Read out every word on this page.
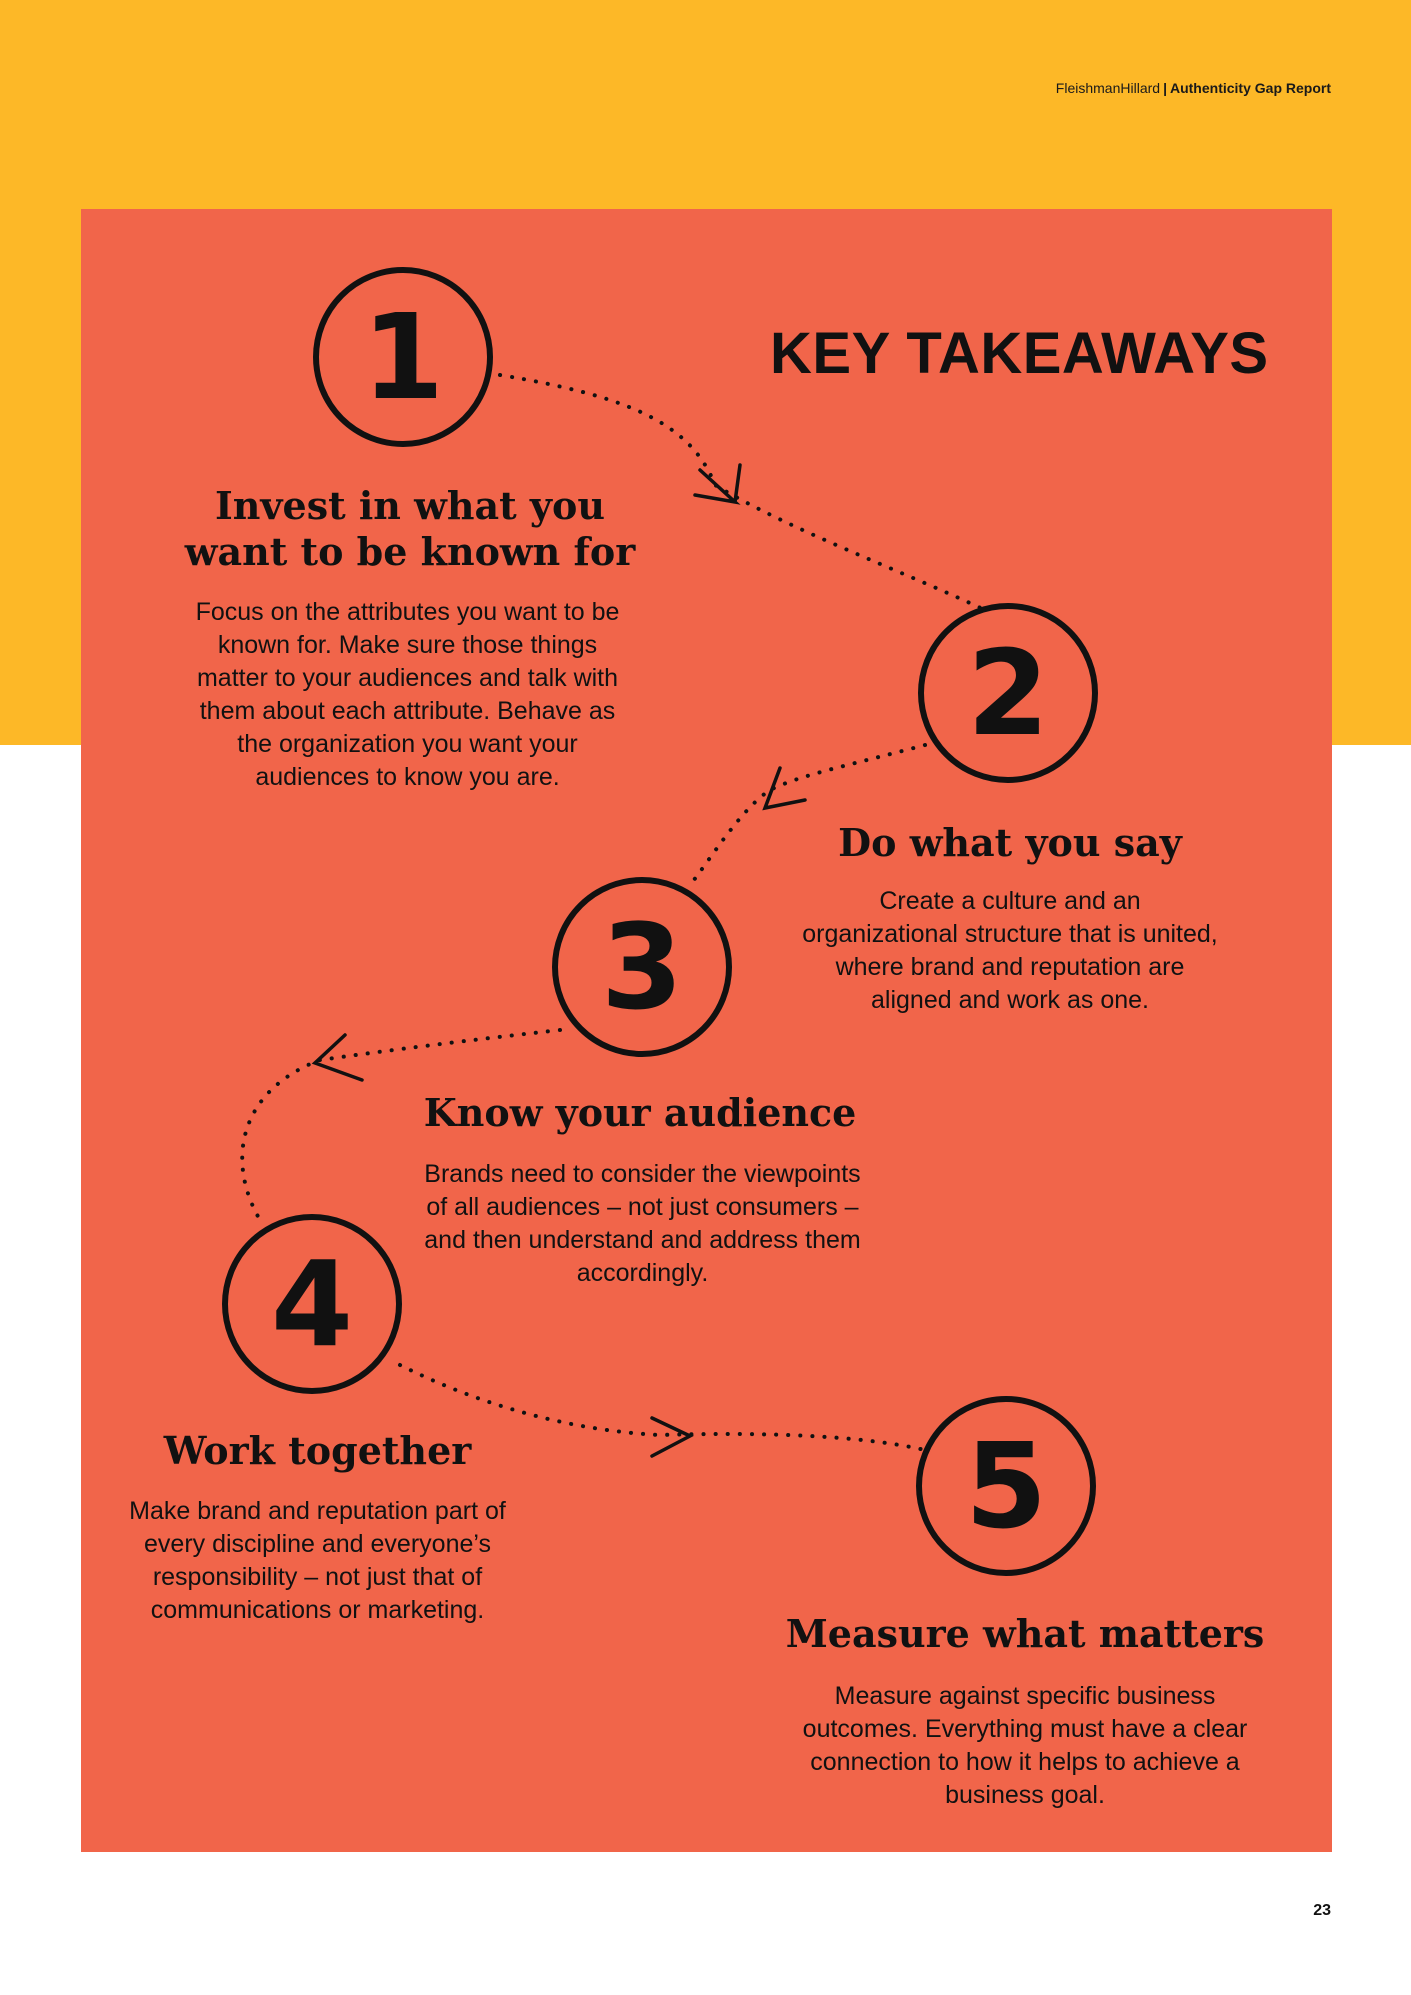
FleishmanHillard | Authenticity Gap Report
KEY TAKEAWAYS
1
Invest in what you
want to be known for
Focus on the attributes you want to be known for. Make sure those things matter to your audiences and talk with them about each attribute. Behave as the organization you want your audiences to know you are.
2
Do what you say
Create a culture and an organizational structure that is united, where brand and reputation are aligned and work as one.
3
Know your audience
Brands need to consider the viewpoints of all audiences – not just consumers – and then understand and address them accordingly.
4
Work together
Make brand and reputation part of every discipline and everyone’s responsibility – not just that of communications or marketing.
5
Measure what matters
Measure against specific business outcomes. Everything must have a clear connection to how it helps to achieve a business goal.
23
